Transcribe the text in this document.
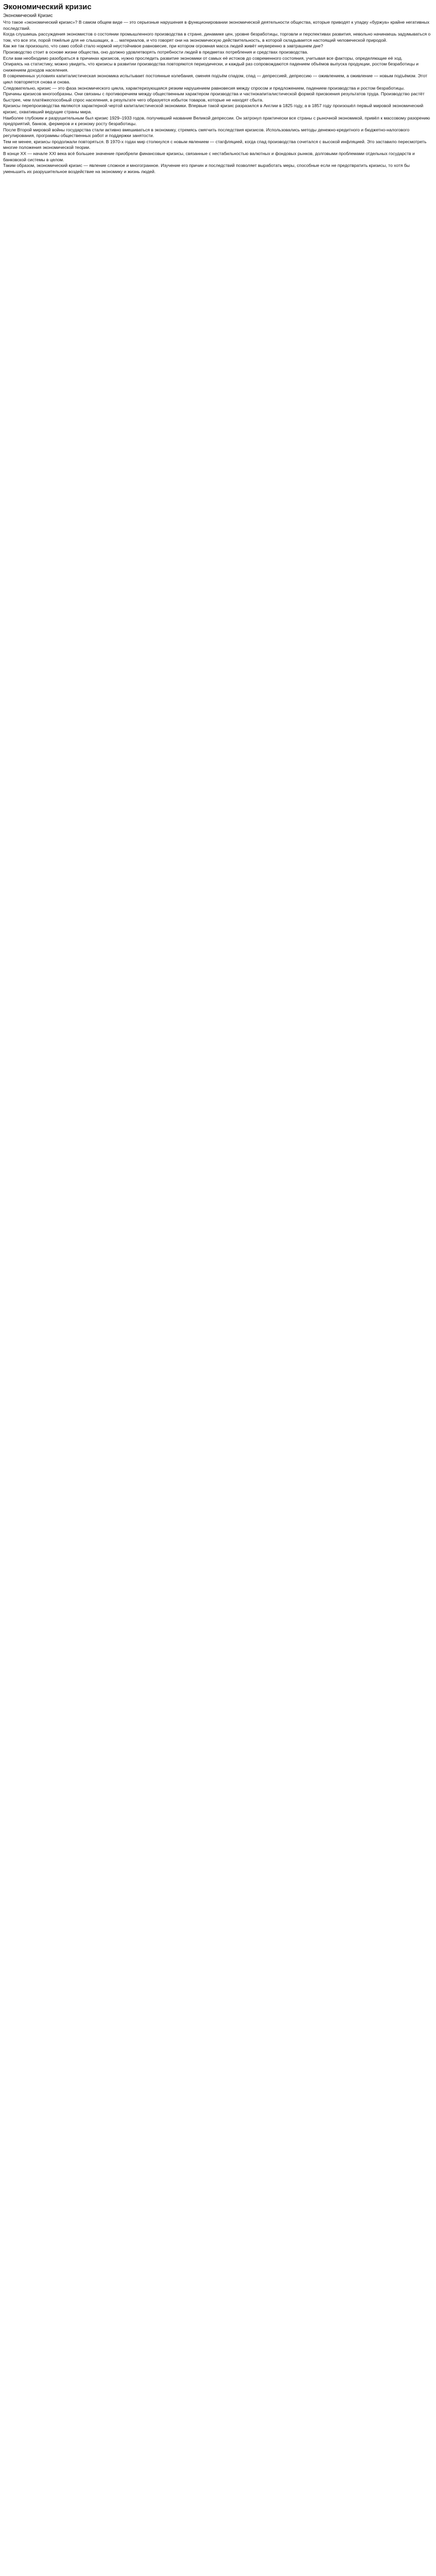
Экономический кризис
Экономический Кризис

Что такое «экономический кризис»? В самом общем виде — это серьезные нарушения в функционировании экономической деятельности общества, которые приводят к упадку «буржуа» крайне негативных последствий.

Когда слушаешь рассуждения экономистов о состоянии промышленного производства в стране, динамике цен, уровне безработицы, торговли и перспективах развития, невольно начинаешь задумываться о том, что все эти, порой тяжёлые для не слышащих, а ... материалов, и что говорят они на экономическую действительность, в которой складывается настоящий человеческой природой.

Как же так произошло, что само собой стало нормой неустойчивое равновесие, при котором огромная масса людей живёт неуверенно в завтрашнем дне?

Производство стоит в основе жизни общества, оно должно удовлетворять потребности людей в предметах потребления и средствах производства.

Если вам необходимо разобраться в причинах кризисов, нужно проследить развитие экономики от самых её истоков до современного состояния, учитывая все факторы, определяющие её ход.

Опираясь на статистику, можно увидеть, что кризисы в развитии производства повторяются периодически, и каждый раз сопровождаются падением объёмов выпуска продукции, ростом безработицы и снижением доходов населения.

В современных условиях капиталистическая экономика испытывает постоянные колебания, сменяя подъём спадом, спад — депрессией, депрессию — оживлением, а оживление — новым подъёмом. Этот цикл повторяется снова и снова.

Следовательно, кризис — это фаза экономического цикла, характеризующаяся резким нарушением равновесия между спросом и предложением, падением производства и ростом безработицы.

Причины кризисов многообразны. Они связаны с противоречием между общественным характером производства и частнокапиталистической формой присвоения результатов труда. Производство растёт быстрее, чем платёжеспособный спрос населения, в результате чего образуется избыток товаров, которые не находят сбыта.

Кризисы перепроизводства являются характерной чертой капиталистической экономики. Впервые такой кризис разразился в Англии в 1825 году, а в 1857 году произошёл первый мировой экономический кризис, охвативший ведущие страны мира.

Наиболее глубоким и разрушительным был кризис 1929–1933 годов, получивший название Великой депрессии. Он затронул практически все страны с рыночной экономикой, привёл к массовому разорению предприятий, банков, фермеров и к резкому росту безработицы.

После Второй мировой войны государства стали активно вмешиваться в экономику, стремясь смягчить последствия кризисов. Использовались методы денежно-кредитного и бюджетно-налогового регулирования, программы общественных работ и поддержки занятости.

Тем не менее, кризисы продолжали повторяться. В 1970-х годах мир столкнулся с новым явлением — стагфляцией, когда спад производства сочетался с высокой инфляцией. Это заставило пересмотреть многие положения экономической теории.

В конце XX — начале XXI века всё большее значение приобрели финансовые кризисы, связанные с нестабильностью валютных и фондовых рынков, долговыми проблемами отдельных государств и банковской системы в целом.

Таким образом, экономический кризис — явление сложное и многогранное. Изучение его причин и последствий позволяет выработать меры, способные если не предотвратить кризисы, то хотя бы уменьшить их разрушительное воздействие на экономику и жизнь людей.
